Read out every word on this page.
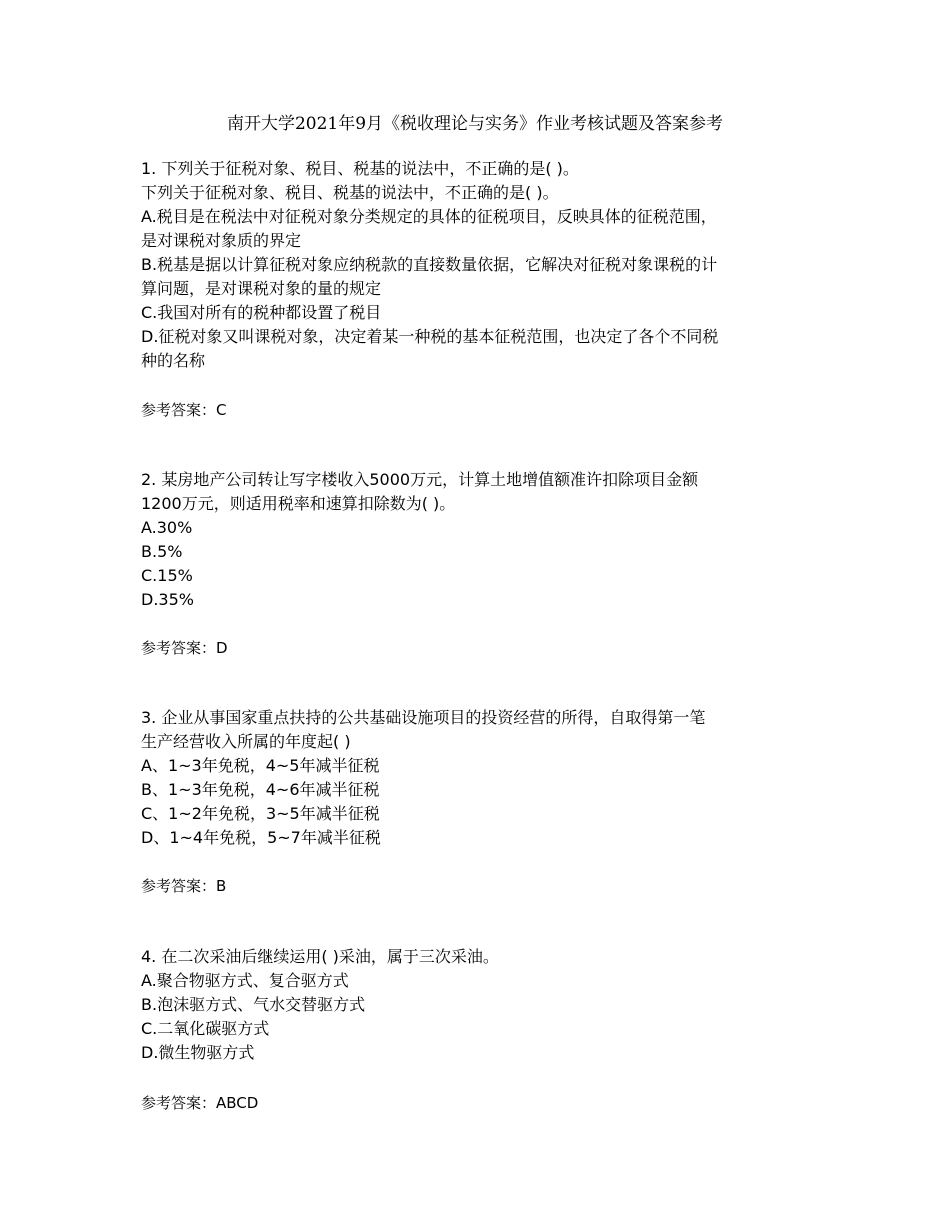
南开大学2021年9月《税收理论与实务》作业考核试题及答案参考
1. 下列关于征税对象、税目、税基的说法中，不正确的是( )。
下列关于征税对象、税目、税基的说法中，不正确的是( )。
A.税目是在税法中对征税对象分类规定的具体的征税项目，反映具体的征税范围，
是对课税对象质的界定
B.税基是据以计算征税对象应纳税款的直接数量依据，它解决对征税对象课税的计
算问题，是对课税对象的量的规定
C.我国对所有的税种都设置了税目
D.征税对象又叫课税对象，决定着某一种税的基本征税范围，也决定了各个不同税
种的名称
参考答案：C
2. 某房地产公司转让写字楼收入5000万元，计算土地增值额准许扣除项目金额
1200万元，则适用税率和速算扣除数为( )。
A.30%
B.5%
C.15%
D.35%
参考答案：D
3. 企业从事国家重点扶持的公共基础设施项目的投资经营的所得，自取得第一笔
生产经营收入所属的年度起( )
A、1~3年免税，4~5年减半征税
B、1~3年免税，4~6年减半征税
C、1~2年免税，3~5年减半征税
D、1~4年免税，5~7年减半征税
参考答案：B
4. 在二次采油后继续运用( )采油，属于三次采油。
A.聚合物驱方式、复合驱方式
B.泡沫驱方式、气水交替驱方式
C.二氧化碳驱方式
D.微生物驱方式
参考答案：ABCD
